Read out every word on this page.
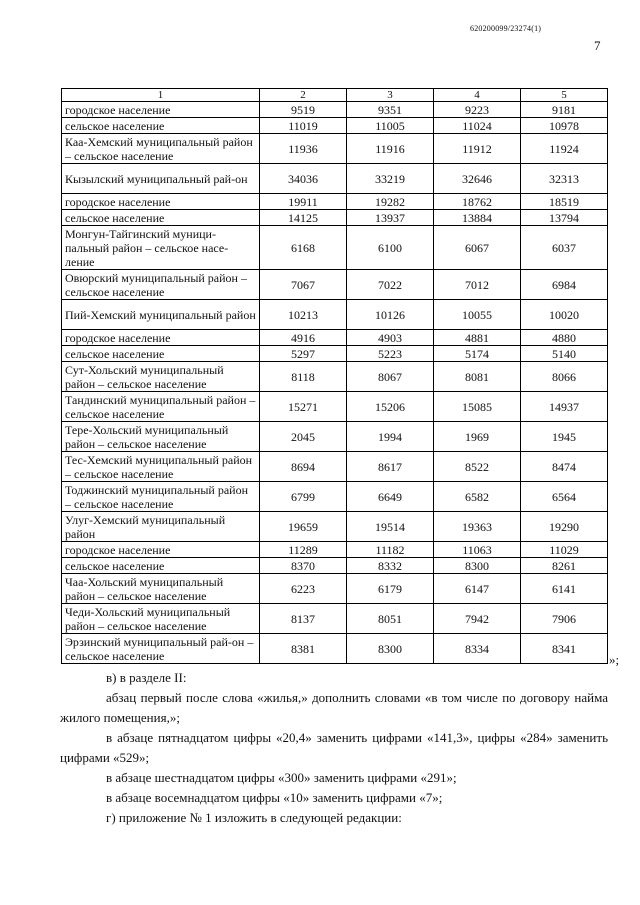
620200099/23274(1)
7
1	2	3	4	5
городское население	9519	9351	9223	9181
сельское население	11019	11005	11024	10978
Каа-Хемский муниципальный район – сельское население	11936	11916	11912	11924
Кызылский муниципальный рай-он	34036	33219	32646	32313
городское население	19911	19282	18762	18519
сельское население	14125	13937	13884	13794
Монгун-Тайгинский муници-пальный район – сельское насе-ление	6168	6100	6067	6037
Овюрский муниципальный район – сельское население	7067	7022	7012	6984
Пий-Хемский муниципальный район	10213	10126	10055	10020
городское население	4916	4903	4881	4880
сельское население	5297	5223	5174	5140
Сут-Хольский муниципальный район – сельское население	8118	8067	8081	8066
Тандинский муниципальный район – сельское население	15271	15206	15085	14937
Тере-Хольский муниципальный район – сельское население	2045	1994	1969	1945
Тес-Хемский муниципальный район – сельское население	8694	8617	8522	8474
Тоджинский муниципальный район – сельское население	6799	6649	6582	6564
Улуг-Хемский муниципальный район	19659	19514	19363	19290
городское население	11289	11182	11063	11029
сельское население	8370	8332	8300	8261
Чаа-Хольский муниципальный район – сельское население	6223	6179	6147	6141
Чеди-Хольский муниципальный район – сельское население	8137	8051	7942	7906
Эрзинский муниципальный рай-он – сельское население	8381	8300	8334	8341
»;

в) в разделе II:

абзац первый после слова «жилья,» дополнить словами «в том числе по договору найма жилого помещения,»;

в абзаце пятнадцатом цифры «20,4» заменить цифрами «141,3», цифры «284» заменить цифрами «529»;

в абзаце шестнадцатом цифры «300» заменить цифрами «291»;

в абзаце восемнадцатом цифры «10» заменить цифрами «7»;

г) приложение № 1 изложить в следующей редакции:
